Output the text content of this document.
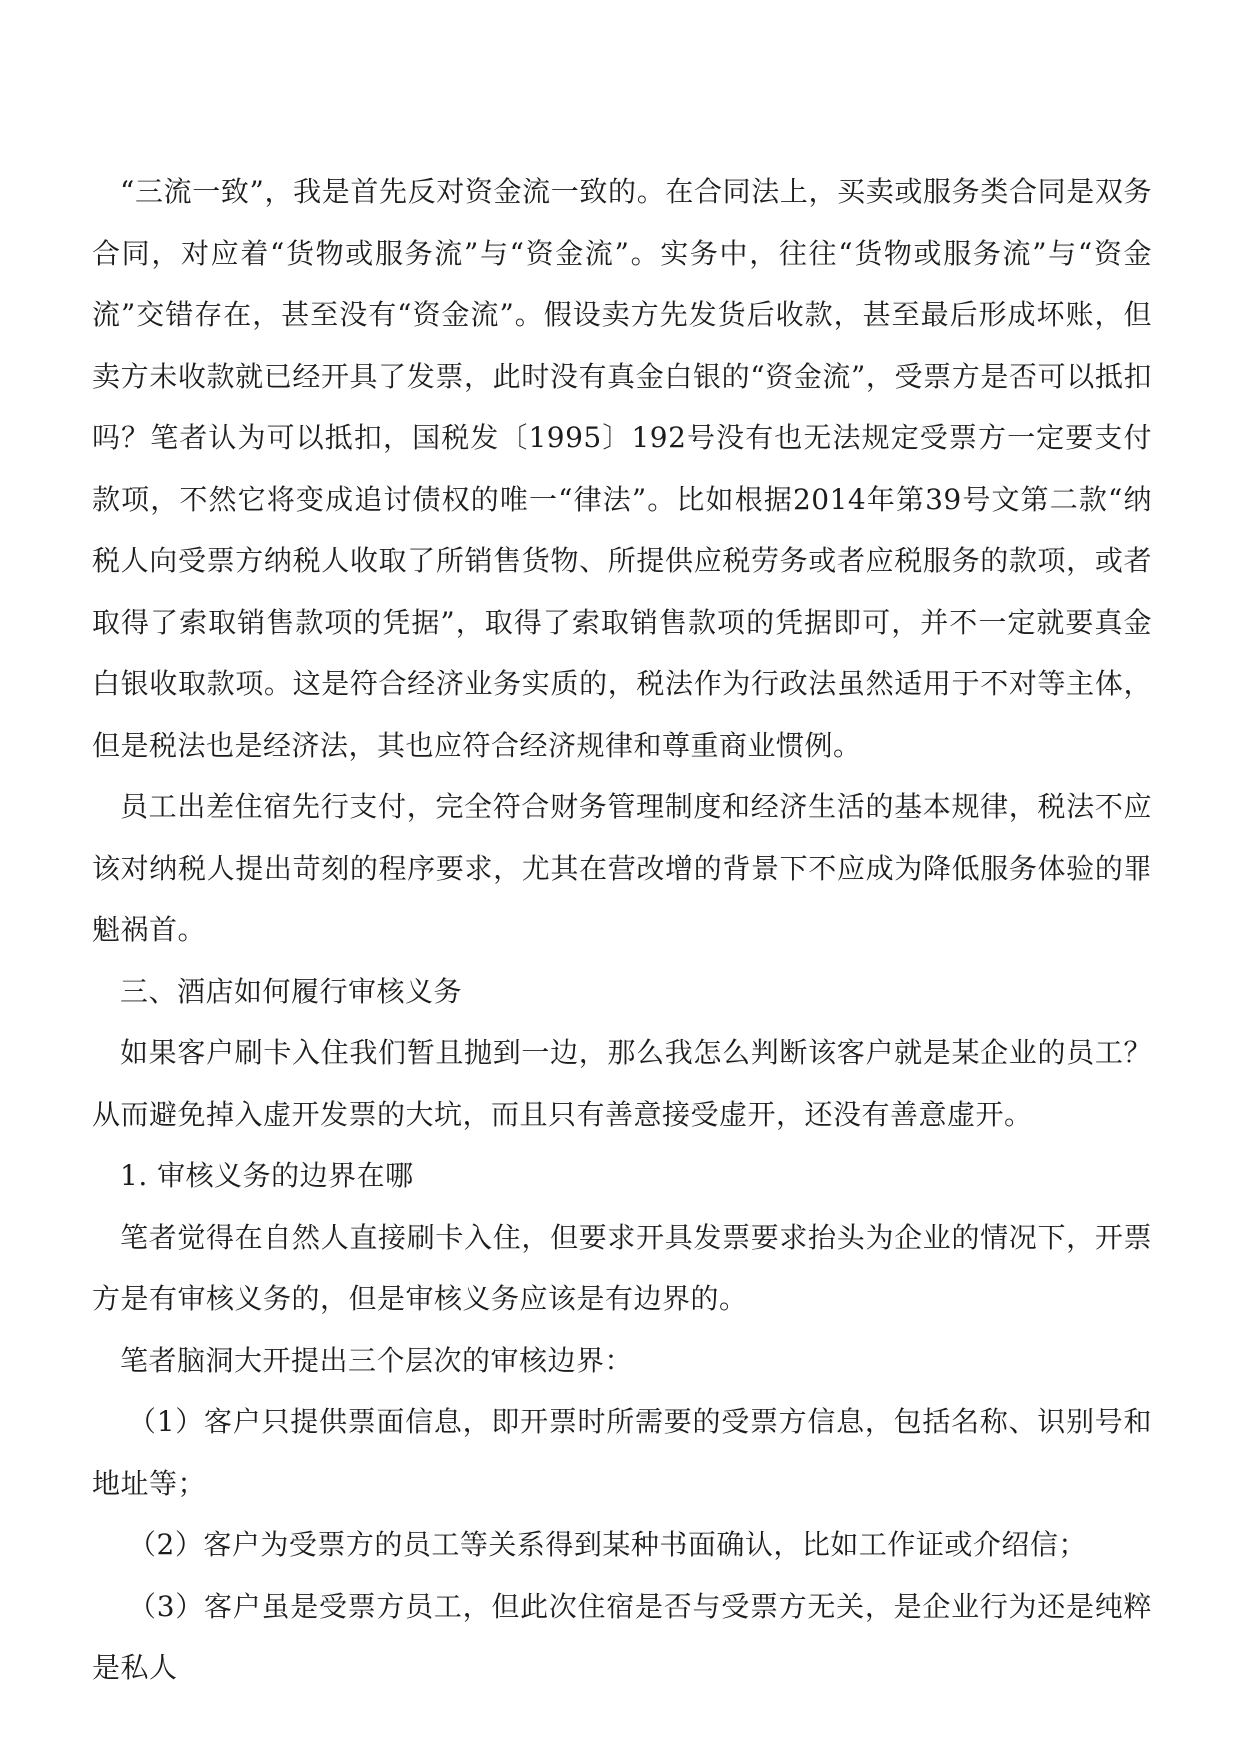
“三流一致”，我是首先反对资金流一致的。在合同法上，买卖或服务类合同是双务合同，对应着“货物或服务流”与“资金流”。实务中，往往“货物或服务流”与“资金流”交错存在，甚至没有“资金流”。假设卖方先发货后收款，甚至最后形成坏账，但卖方未收款就已经开具了发票，此时没有真金白银的“资金流”，受票方是否可以抵扣吗？笔者认为可以抵扣，国税发〔1995〕192号没有也无法规定受票方一定要支付款项，不然它将变成追讨债权的唯一“律法”。比如根据2014年第39号文第二款“纳税人向受票方纳税人收取了所销售货物、所提供应税劳务或者应税服务的款项，或者取得了索取销售款项的凭据”，取得了索取销售款项的凭据即可，并不一定就要真金白银收取款项。这是符合经济业务实质的，税法作为行政法虽然适用于不对等主体，但是税法也是经济法，其也应符合经济规律和尊重商业惯例。

员工出差住宿先行支付，完全符合财务管理制度和经济生活的基本规律，税法不应该对纳税人提出苛刻的程序要求，尤其在营改增的背景下不应成为降低服务体验的罪魁祸首。

三、酒店如何履行审核义务

如果客户刷卡入住我们暂且抛到一边，那么我怎么判断该客户就是某企业的员工？从而避免掉入虚开发票的大坑，而且只有善意接受虚开，还没有善意虚开。

1. 审核义务的边界在哪

笔者觉得在自然人直接刷卡入住，但要求开具发票要求抬头为企业的情况下，开票方是有审核义务的，但是审核义务应该是有边界的。

笔者脑洞大开提出三个层次的审核边界：

（1）客户只提供票面信息，即开票时所需要的受票方信息，包括名称、识别号和地址等；

（2）客户为受票方的员工等关系得到某种书面确认，比如工作证或介绍信；

（3）客户虽是受票方员工，但此次住宿是否与受票方无关，是企业行为还是纯粹是私人
